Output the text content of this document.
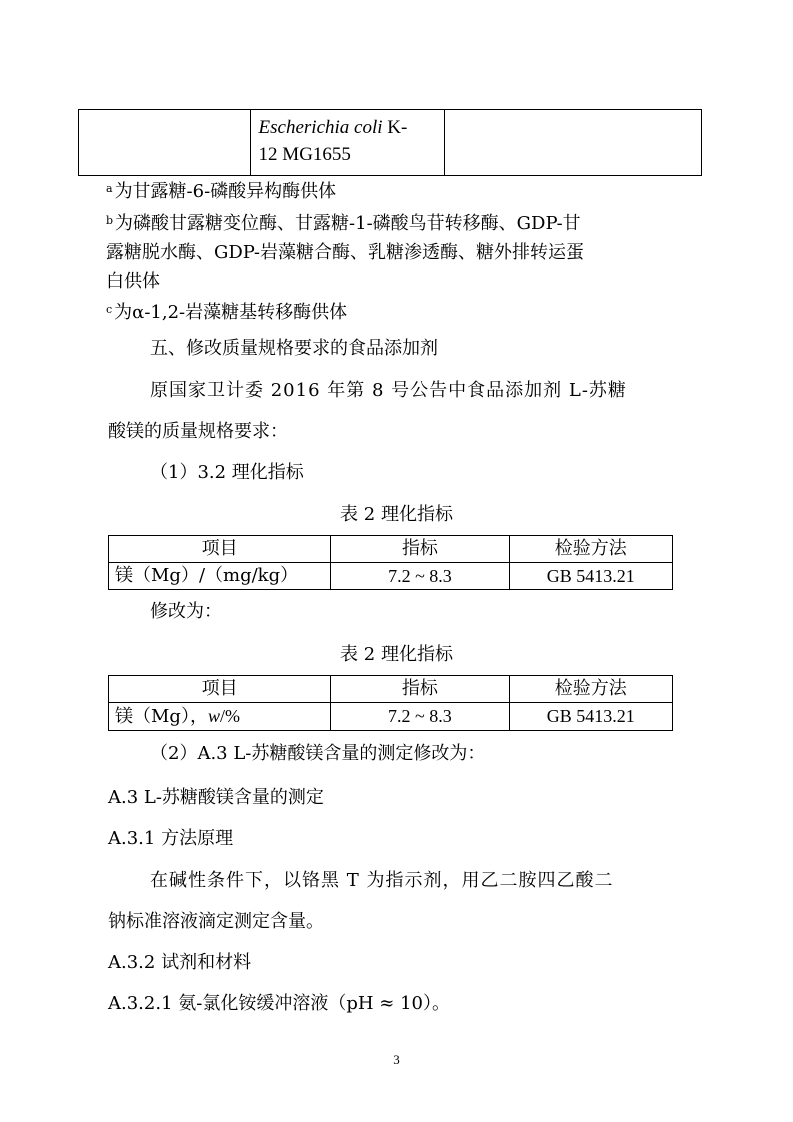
	Escherichia coli K-
12 MG1655	
$^a$ 为甘露糖-6-磷酸异构酶供体
$^b$ 为磷酸甘露糖变位酶、甘露糖-1-磷酸鸟苷转移酶、GDP-甘
露糖脱水酶、GDP-岩藻糖合酶、乳糖渗透酶、糖外排转运蛋
白供体
$^c$ 为α-1,2-岩藻糖基转移酶供体
五、修改质量规格要求的食品添加剂
原国家卫计委 2016 年第 8 号公告中食品添加剂 L-苏糖
酸镁的质量规格要求：
（1）3.2 理化指标
表 2 理化指标
项目	指标	检验方法
镁（Mg）/（mg/kg）	7.2 ~ 8.3	GB 5413.21
修改为：
表 2 理化指标
项目	指标	检验方法
镁（Mg），w/%	7.2 ~ 8.3	GB 5413.21
（2）A.3 L-苏糖酸镁含量的测定修改为：
A.3 L-苏糖酸镁含量的测定
A.3.1 方法原理
在碱性条件下，以铬黑 T 为指示剂，用乙二胺四乙酸二
钠标准溶液滴定测定含量。
A.3.2 试剂和材料
A.3.2.1 氨-氯化铵缓冲溶液（pH ≈ 10）。
3
